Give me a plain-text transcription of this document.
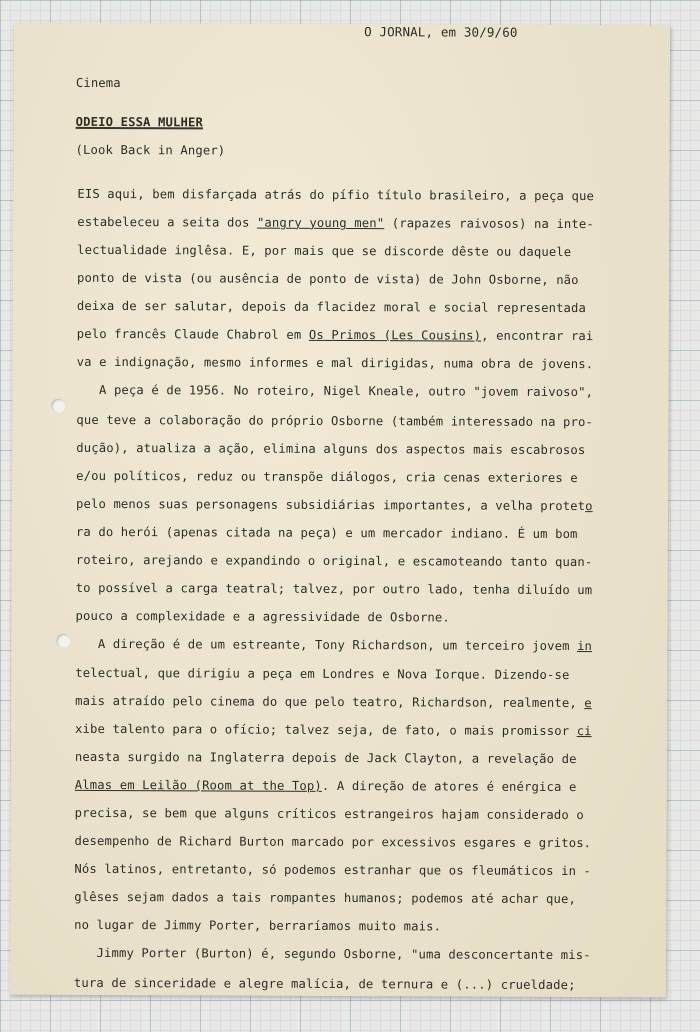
O JORNAL, em 30/9/60
Cinema
ODEIO ESSA MULHER
(Look Back in Anger)
EIS aqui, bem disfarçada atrás do pífio título brasileiro, a peça que
estabeleceu a seita dos "angry young men" (rapazes raivosos) na inte-
lectualidade inglêsa. E, por mais que se discorde dêste ou daquele
ponto de vista (ou ausência de ponto de vista) de John Osborne, não
deixa de ser salutar, depois da flacidez moral e social representada
pelo francês Claude Chabrol em Os Primos (Les Cousins), encontrar rai
va e indignação, mesmo informes e mal dirigidas, numa obra de jovens.
A peça é de 1956. No roteiro, Nigel Kneale, outro "jovem raivoso",
que teve a colaboração do próprio Osborne (também interessado na pro-
dução), atualiza a ação, elimina alguns dos aspectos mais escabrosos
e/ou políticos, reduz ou transpõe diálogos, cria cenas exteriores e
pelo menos suas personagens subsidiárias importantes, a velha proteto
ra do herói (apenas citada na peça) e um mercador indiano. É um bom
roteiro, arejando e expandindo o original, e escamoteando tanto quan-
to possível a carga teatral; talvez, por outro lado, tenha diluído um
pouco a complexidade e a agressividade de Osborne.
A direção é de um estreante, Tony Richardson, um terceiro jovem in
telectual, que dirigiu a peça em Londres e Nova Iorque. Dizendo-se
mais atraído pelo cinema do que pelo teatro, Richardson, realmente, e
xibe talento para o ofício; talvez seja, de fato, o mais promissor ci
neasta surgido na Inglaterra depois de Jack Clayton, a revelação de
Almas em Leilão (Room at the Top). A direção de atores é enérgica e
precisa, se bem que alguns críticos estrangeiros hajam considerado o
desempenho de Richard Burton marcado por excessivos esgares e gritos.
Nós latinos, entretanto, só podemos estranhar que os fleumáticos in -
glêses sejam dados a tais rompantes humanos; podemos até achar que,
no lugar de Jimmy Porter, berraríamos muito mais.
Jimmy Porter (Burton) é, segundo Osborne, "uma desconcertante mis-
tura de sinceridade e alegre malícia, de ternura e (...) crueldade;
